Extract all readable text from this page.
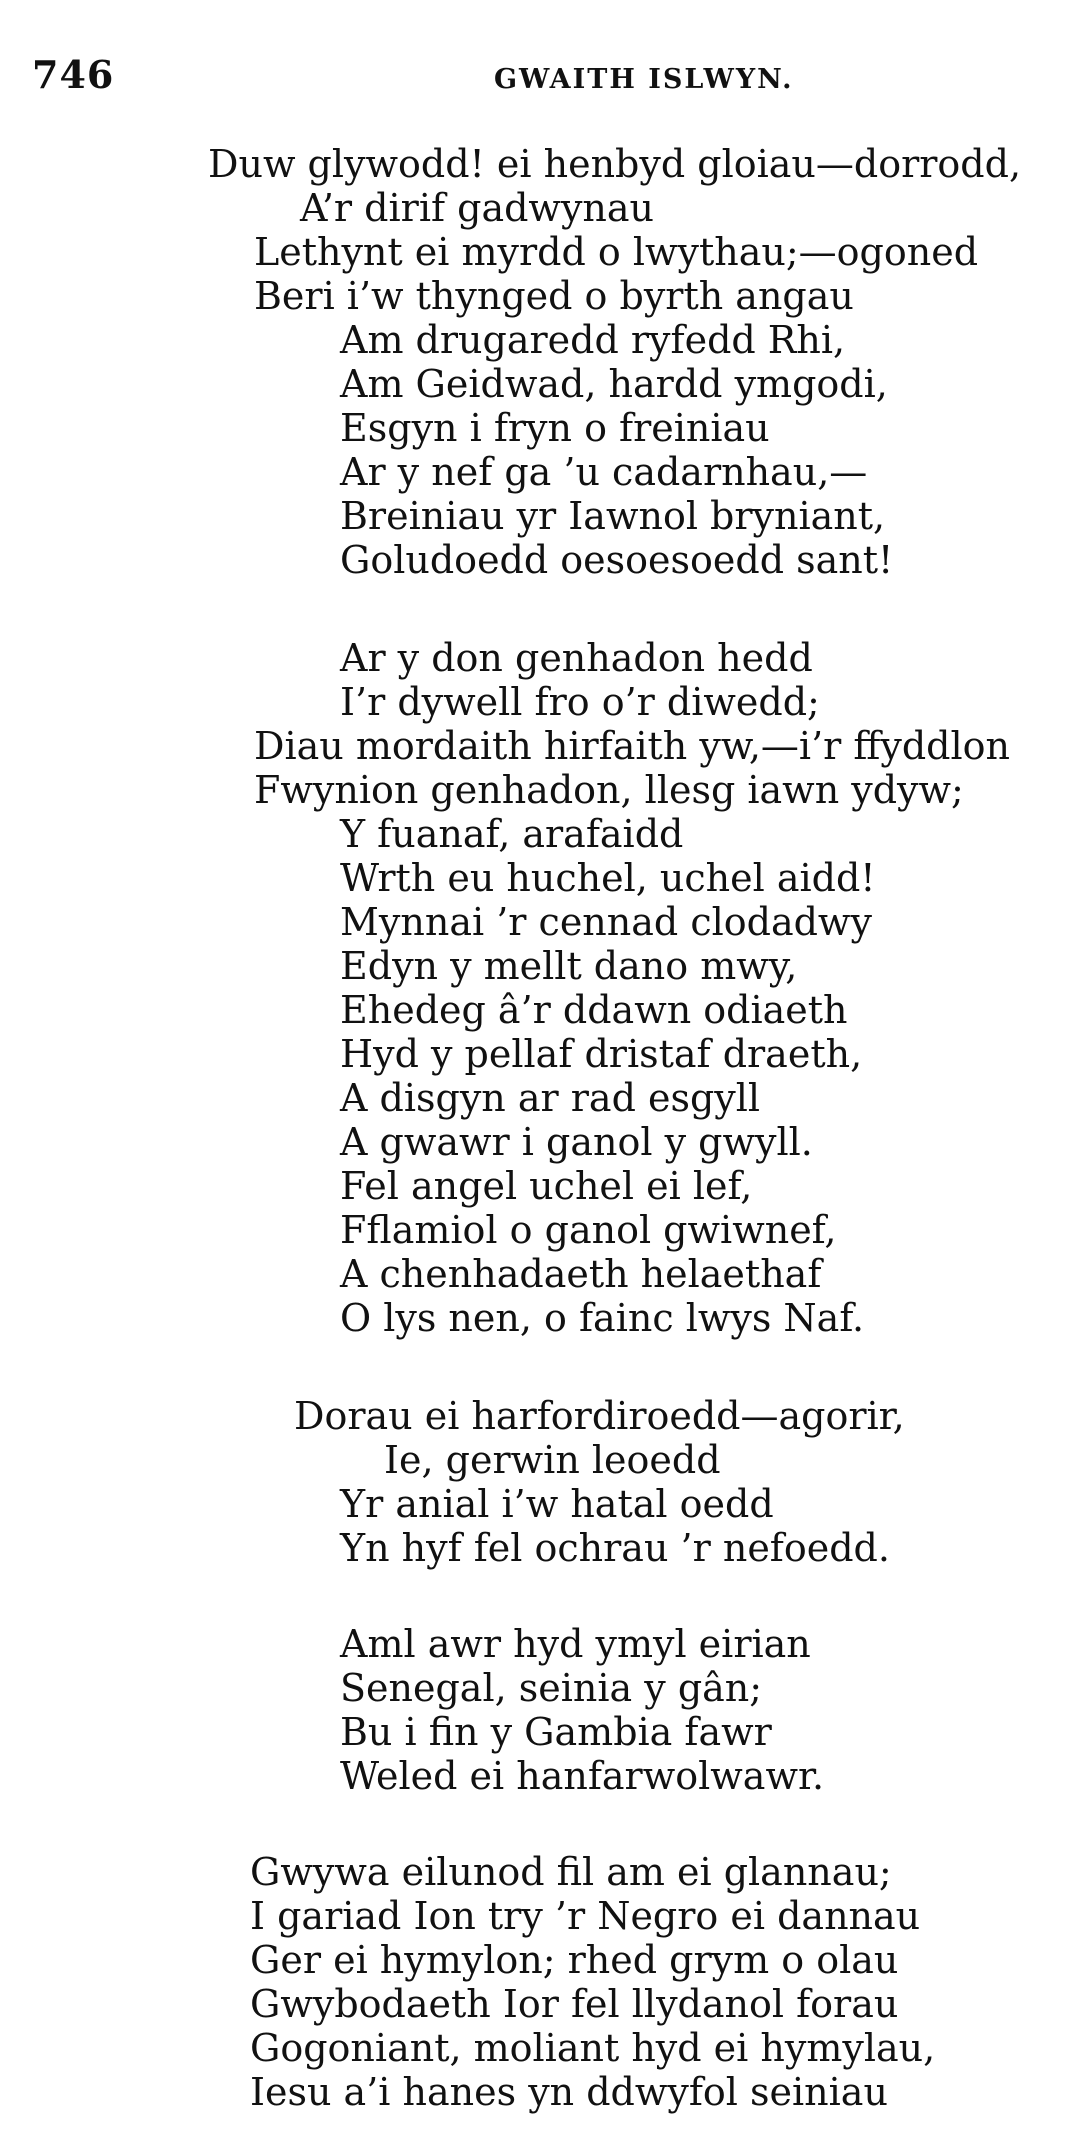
746	GWAITH ISLWYN.
Duw glywodd! ei henbyd gloiau—dorrodd,
A’r dirif gadwynau
Lethynt ei myrdd o lwythau;—ogoned
Beri i’w thynged o byrth angau
Am drugaredd ryfedd Rhi,
Am Geidwad, hardd ymgodi,
Esgyn i fryn o freiniau
Ar y nef ga ’u cadarnhau,—
Breiniau yr Iawnol bryniant,
Goludoedd oesoesoedd sant!
Ar y don genhadon hedd
I’r dywell fro o’r diwedd;
Diau mordaith hirfaith yw,—i’r ffyddlon
Fwynion genhadon, llesg iawn ydyw;
Y fuanaf, arafaidd
Wrth eu huchel, uchel aidd!
Mynnai ’r cennad clodadwy
Edyn y mellt dano mwy,
Ehedeg â’r ddawn odiaeth
Hyd y pellaf dristaf draeth,
A disgyn ar rad esgyll
A gwawr i ganol y gwyll.
Fel angel uchel ei lef,
Fflamiol o ganol gwiwnef,
A chenhadaeth helaethaf
O lys nen, o fainc lwys Naf.
Dorau ei harfordiroedd—agorir,
Ie, gerwin leoedd
Yr anial i’w hatal oedd
Yn hyf fel ochrau ’r nefoedd.
Aml awr hyd ymyl eirian
Senegal, seinia y gân;
Bu i fin y Gambia fawr
Weled ei hanfarwolwawr.
Gwywa eilunod fil am ei glannau;
I gariad Ion try ’r Negro ei dannau
Ger ei hymylon; rhed grym o olau
Gwybodaeth Ior fel llydanol forau
Gogoniant, moliant hyd ei hymylau,
Iesu a’i hanes yn ddwyfol seiniau
